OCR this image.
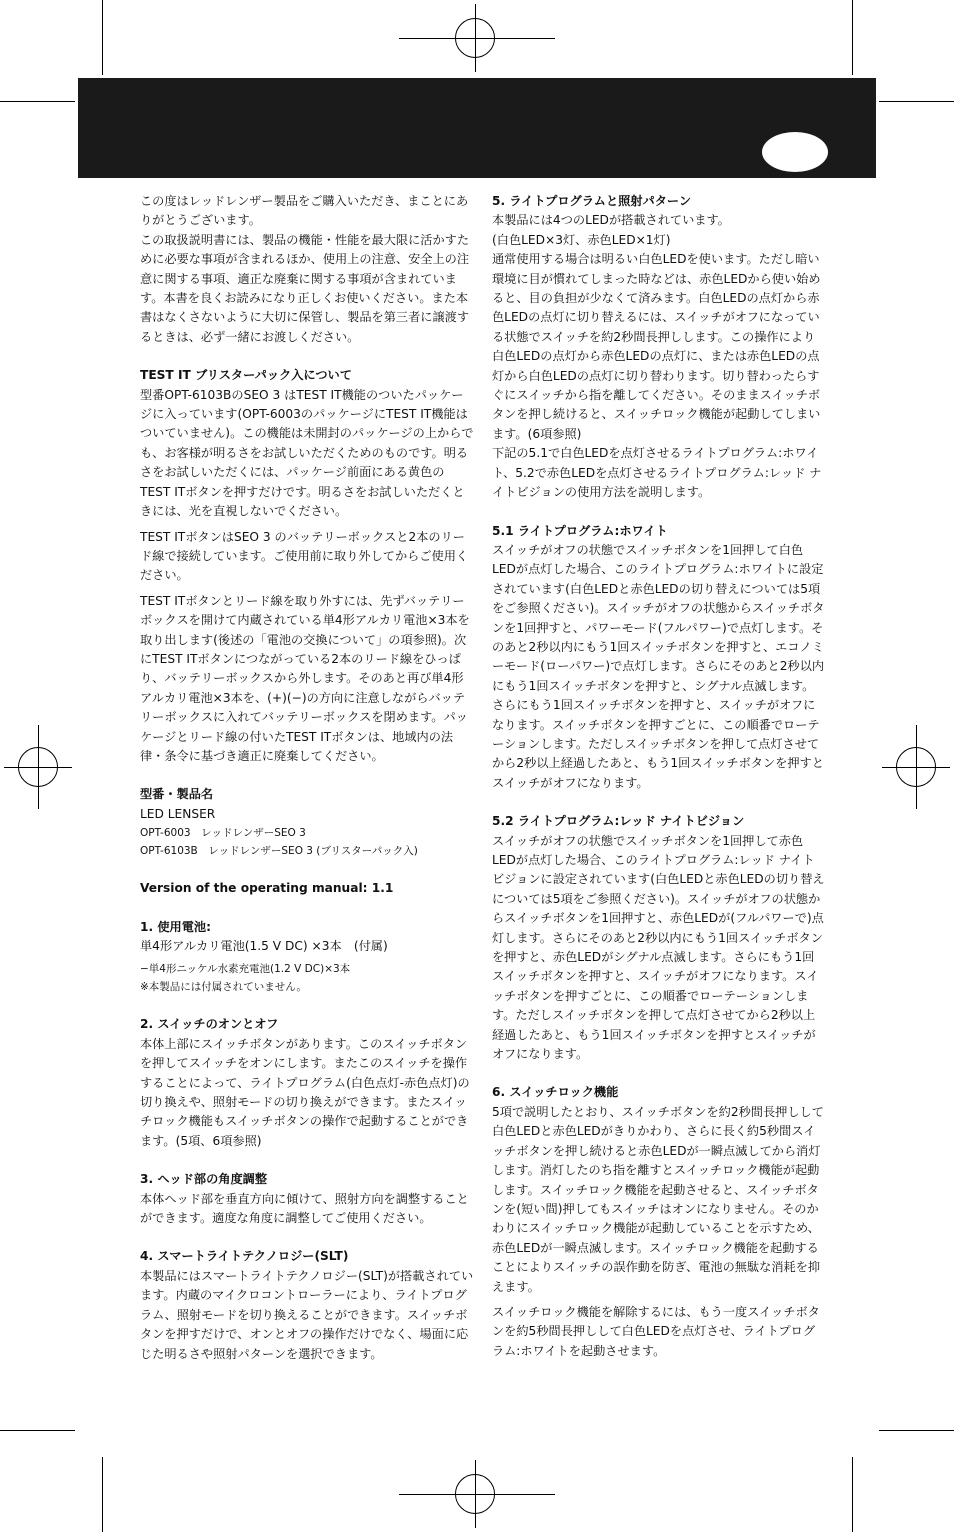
この度はレッドレンザー製品をご購入いただき、まことにありがとうございます。

この取扱説明書には、製品の機能・性能を最大限に活かすために必要な事項が含まれるほか、使用上の注意、安全上の注意に関する事項、適正な廃棄に関する事項が含まれています。本書を良くお読みになり正しくお使いください。また本書はなくさないように大切に保管し、製品を第三者に譲渡するときは、必ず一緒にお渡しください。

TEST IT ブリスターパック入について

型番OPT-6103BのSEO 3 はTEST IT機能のついたパッケージに入っています(OPT-6003のパッケージにTEST IT機能はついていません)。この機能は未開封のパッケージの上からでも、お客様が明るさをお試しいただくためのものです。明るさをお試しいただくには、パッケージ前面にある黄色のTEST ITボタンを押すだけです。明るさをお試しいただくときには、光を直視しないでください。

TEST ITボタンはSEO 3 のバッテリーボックスと2本のリード線で接続しています。ご使用前に取り外してからご使用ください。

TEST ITボタンとリード線を取り外すには、先ずバッテリーボックスを開けて内蔵されている単4形アルカリ電池×3本を取り出します(後述の「電池の交換について」の項参照)。次にTEST ITボタンにつながっている2本のリード線をひっぱり、バッテリーボックスから外します。そのあと再び単4形アルカリ電池×3本を、(+)(−)の方向に注意しながらバッテリーボックスに入れてバッテリーボックスを閉めます。パッケージとリード線の付いたTEST ITボタンは、地域内の法律・条令に基づき適正に廃棄してください。

型番・製品名

LED LENSER

OPT-6003　レッドレンザーSEO 3

OPT-6103B　レッドレンザーSEO 3 (ブリスターパック入)

Version of the operating manual: 1.1
1. 使用電池:

単4形アルカリ電池(1.5 V DC) ×3本　(付属)

−単4形ニッケル水素充電池(1.2 V DC)×3本

※本製品には付属されていません。

2. スイッチのオンとオフ

本体上部にスイッチボタンがあります。このスイッチボタンを押してスイッチをオンにします。またこのスイッチを操作することによって、ライトプログラム(白色点灯-赤色点灯)の切り換えや、照射モードの切り換えができます。またスイッチロック機能もスイッチボタンの操作で起動することができます。(5項、6項参照)

3. ヘッド部の角度調整

本体ヘッド部を垂直方向に傾けて、照射方向を調整することができます。適度な角度に調整してご使用ください。

4. スマートライトテクノロジー(SLT)

本製品にはスマートライトテクノロジー(SLT)が搭載されています。内蔵のマイクロコントローラーにより、ライトプログラム、照射モードを切り換えることができます。スイッチボタンを押すだけで、オンとオフの操作だけでなく、場面に応じた明るさや照射パターンを選択できます。

5. ライトプログラムと照射パターン

本製品には4つのLEDが搭載されています。

(白色LED×3灯、赤色LED×1灯)

通常使用する場合は明るい白色LEDを使います。ただし暗い環境に目が慣れてしまった時などは、赤色LEDから使い始めると、目の負担が少なくて済みます。白色LEDの点灯から赤色LEDの点灯に切り替えるには、スイッチがオフになっている状態でスイッチを約2秒間長押しします。この操作により白色LEDの点灯から赤色LEDの点灯に、または赤色LEDの点灯から白色LEDの点灯に切り替わります。切り替わったらすぐにスイッチから指を離してください。そのままスイッチボタンを押し続けると、スイッチロック機能が起動してしまいます。(6項参照)

下記の5.1で白色LEDを点灯させるライトプログラム:ホワイト、5.2で赤色LEDを点灯させるライトプログラム:レッド ナイトビジョンの使用方法を説明します。

5.1 ライトプログラム:ホワイト

スイッチがオフの状態でスイッチボタンを1回押して白色LEDが点灯した場合、このライトプログラム:ホワイトに設定されています(白色LEDと赤色LEDの切り替えについては5項をご参照ください)。スイッチがオフの状態からスイッチボタンを1回押すと、パワーモード(フルパワー)で点灯します。そのあと2秒以内にもう1回スイッチボタンを押すと、エコノミーモード(ローパワー)で点灯します。さらにそのあと2秒以内にもう1回スイッチボタンを押すと、シグナル点滅します。さらにもう1回スイッチボタンを押すと、スイッチがオフになります。スイッチボタンを押すごとに、この順番でローテーションします。ただしスイッチボタンを押して点灯させてから2秒以上経過したあと、もう1回スイッチボタンを押すとスイッチがオフになります。

5.2 ライトプログラム:レッド ナイトビジョン

スイッチがオフの状態でスイッチボタンを1回押して赤色LEDが点灯した場合、このライトプログラム:レッド ナイトビジョンに設定されています(白色LEDと赤色LEDの切り替えについては5項をご参照ください)。スイッチがオフの状態からスイッチボタンを1回押すと、赤色LEDが(フルパワーで)点灯します。さらにそのあと2秒以内にもう1回スイッチボタンを押すと、赤色LEDがシグナル点滅します。さらにもう1回スイッチボタンを押すと、スイッチがオフになります。スイッチボタンを押すごとに、この順番でローテーションします。ただしスイッチボタンを押して点灯させてから2秒以上経過したあと、もう1回スイッチボタンを押すとスイッチがオフになります。

6. スイッチロック機能

5項で説明したとおり、スイッチボタンを約2秒間長押しして白色LEDと赤色LEDがきりかわり、さらに長く約5秒間スイッチボタンを押し続けると赤色LEDが一瞬点滅してから消灯します。消灯したのち指を離すとスイッチロック機能が起動します。スイッチロック機能を起動させると、スイッチボタンを(短い間)押してもスイッチはオンになりません。そのかわりにスイッチロック機能が起動していることを示すため、赤色LEDが一瞬点滅します。スイッチロック機能を起動することによりスイッチの誤作動を防ぎ、電池の無駄な消耗を抑えます。

スイッチロック機能を解除するには、もう一度スイッチボタンを約5秒間長押しして白色LEDを点灯させ、ライトプログラム:ホワイトを起動させます。
